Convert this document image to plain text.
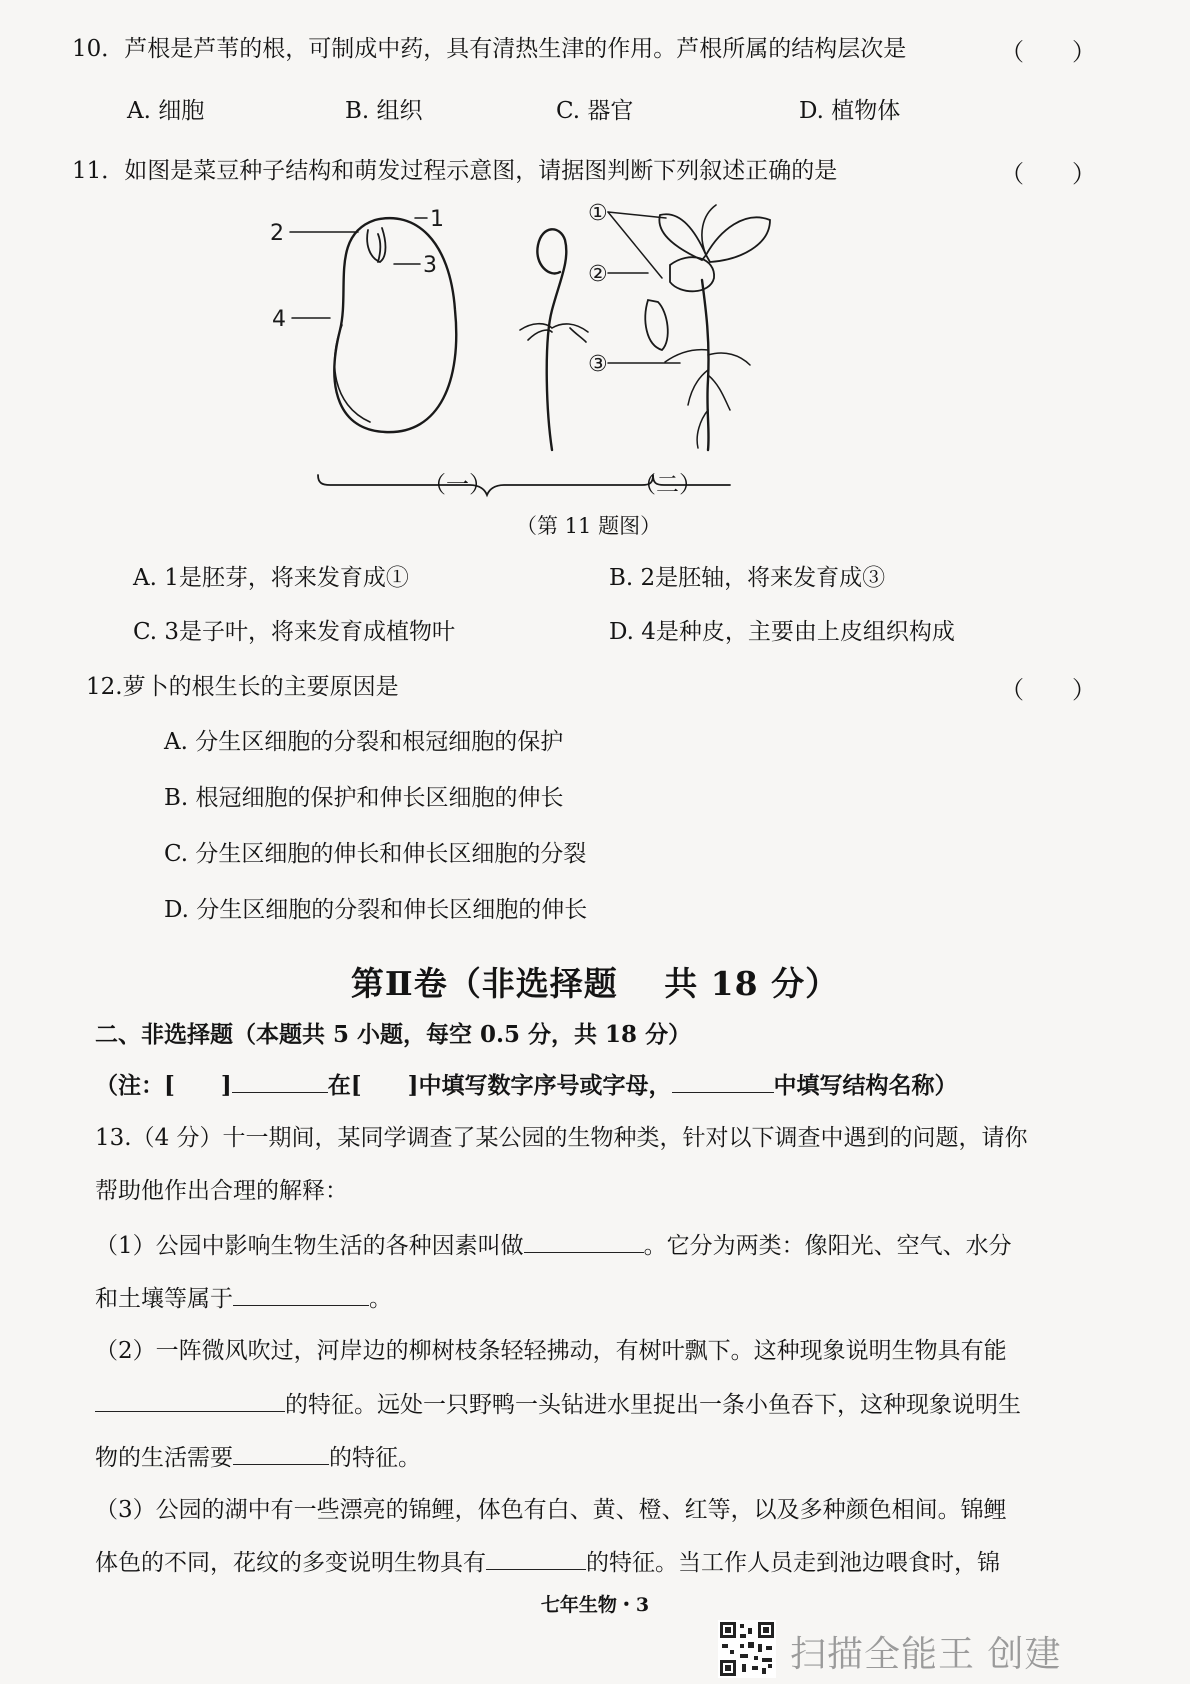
10．芦根是芦苇的根，可制成中药，具有清热生津的作用。芦根所属的结构层次是	（　　）
A. 细胞	B. 组织	C. 器官	D. 植物体
11．如图是菜豆种子结构和萌发过程示意图，请据图判断下列叙述正确的是	（　　）
1
2
3
4
①
②
③
（一）	（二）
（第 11 题图）
A. 1是胚芽，将来发育成①	B. 2是胚轴，将来发育成③
C. 3是子叶，将来发育成植物叶	D. 4是种皮，主要由上皮组织构成
12.萝卜的根生长的主要原因是	（　　）
A. 分生区细胞的分裂和根冠细胞的保护
B. 根冠细胞的保护和伸长区细胞的伸长
C. 分生区细胞的伸长和伸长区细胞的分裂
D. 分生区细胞的分裂和伸长区细胞的伸长
第Ⅱ卷（非选择题　 共 18 分）
二、非选择题（本题共 5 小题，每空 0.5 分，共 18 分）
（注：[　　]	在[　　]中填写数字序号或字母，	中填写结构名称）
13.（4 分）十一期间，某同学调查了某公园的生物种类，针对以下调查中遇到的问题，请你
帮助他作出合理的解释：
（1）公园中影响生物生活的各种因素叫做	。它分为两类：像阳光、空气、水分
和土壤等属于	。
（2）一阵微风吹过，河岸边的柳树枝条轻轻拂动，有树叶飘下。这种现象说明生物具有能
的特征。远处一只野鸭一头钻进水里捉出一条小鱼吞下，这种现象说明生
物的生活需要	的特征。
（3）公园的湖中有一些漂亮的锦鲤，体色有白、黄、橙、红等，以及多种颜色相间。锦鲤
七年生物・3
扫描全能王 创建
体色的不同，花纹的多变说明生物具有	的特征。当工作人员走到池边喂食时，锦
